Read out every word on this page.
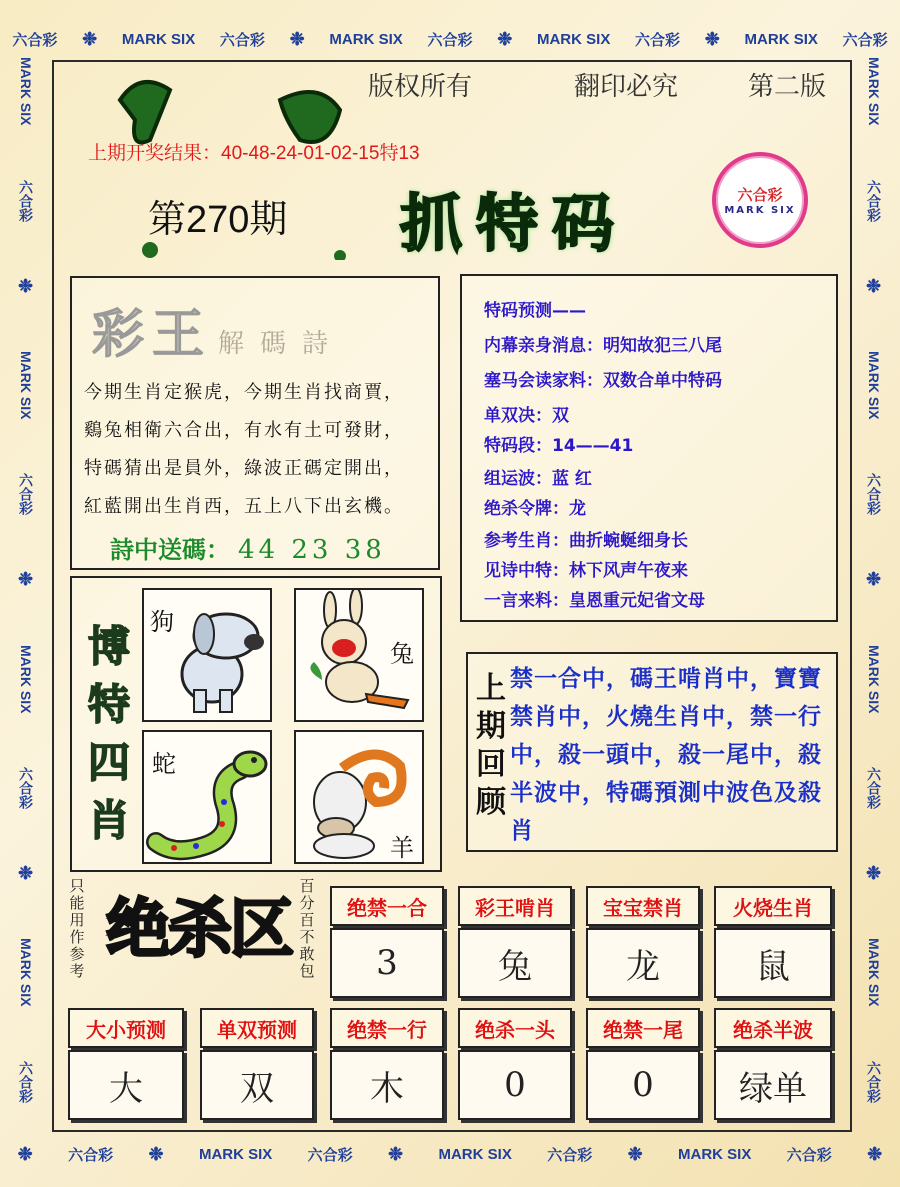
六合彩 ❉ MARK SIX 六合彩 ❉ MARK SIX 六合彩 ❉ MARK SIX 六合彩 ❉ MARK SIX 六合彩
❉ 六合彩 ❉ MARK SIX 六合彩 ❉ MARK SIX 六合彩 ❉ MARK SIX 六合彩 ❉
MARK SIX
六合彩
❉
MARK SIX
六合彩
❉
MARK SIX
六合彩
❉
MARK SIX
六合彩
MARK SIX
六合彩
❉
MARK SIX
六合彩
❉
MARK SIX
六合彩
❉
MARK SIX
六合彩
版权所有	翻印必究	第二版
上期开奖结果：40-48-24-01-02-15特13
第270期 抓特码	六合彩
MARK SIX
彩王 解碼詩
今期生肖定猴虎，今期生肖找商賈，
鷄兔相衛六合出，有水有土可發財，
特碼猜出是員外，綠波正碼定開出，
紅藍開出生肖西，五上八下出玄機。
詩中送碼： 44 23 38
特码预测——
内幕亲身消息：明知故犯三八尾
塞马会读家料：双数合单中特码
单双决：双
特码段：14——41
组运波：蓝 红
绝杀令牌：龙
参考生肖：曲折蜿蜒细身长
见诗中特：林下风声午夜来
一言来料：皇恩重元妃省文母
博
特
四
肖
狗
兔
蛇
羊
上
期
回
顾
禁一合中，碼王啃肖中，寶寶禁肖中，火燒生肖中，禁一行中，殺一頭中，殺一尾中，殺半波中，特碼預測中波色及殺肖
只
能
用
作
参
考
绝杀区
百
分
百
不
敢
包
绝禁一合	彩王啃肖	宝宝禁肖	火烧生肖
3	兔	龙	鼠
大小预测	单双预测	绝禁一行	绝杀一头	绝禁一尾	绝杀半波
大	双	木	0	0	绿单
